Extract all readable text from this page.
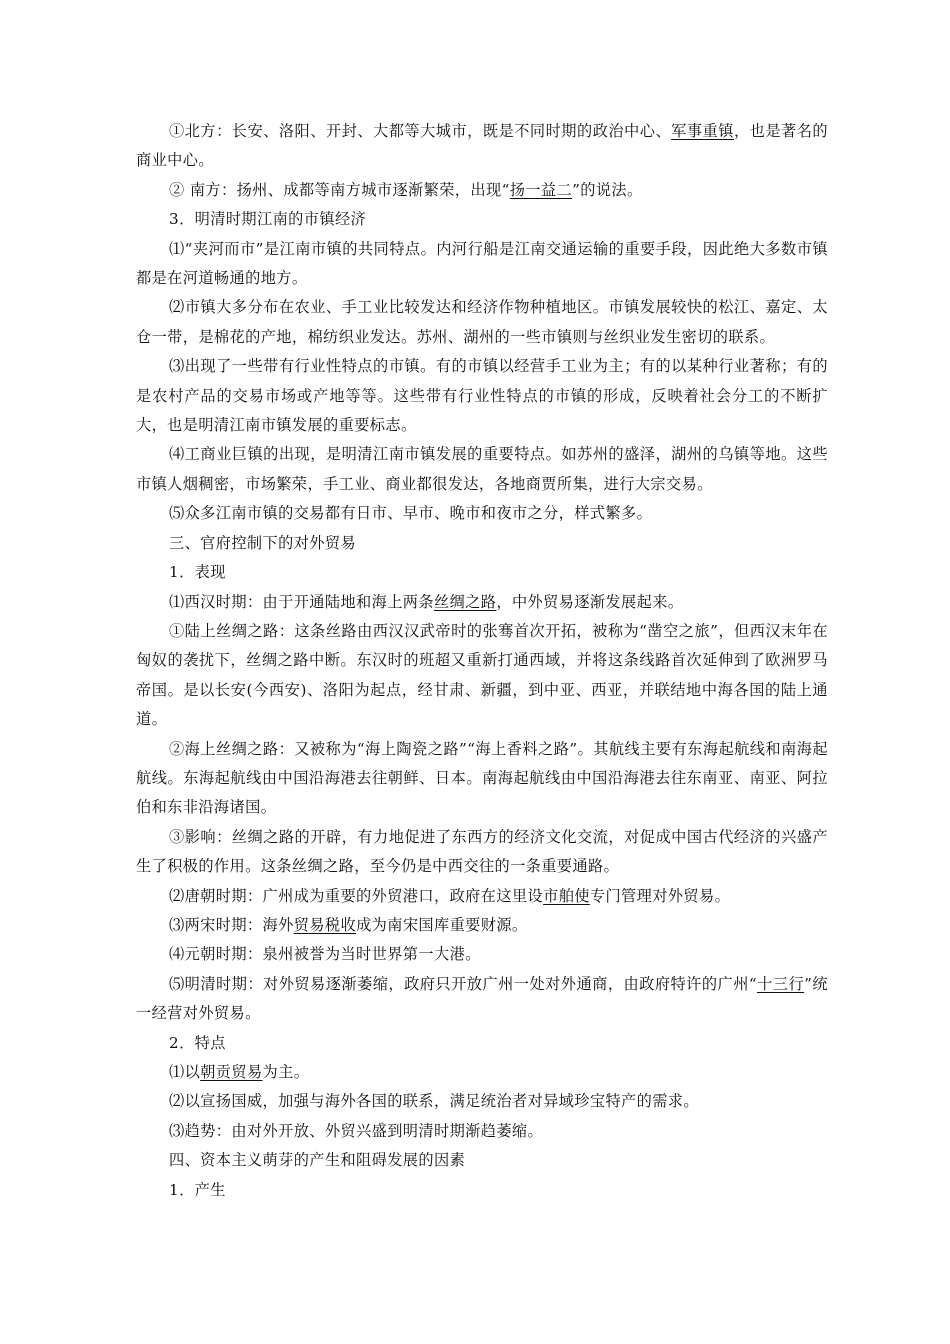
①北方：长安、洛阳、开封、大都等大城市，既是不同时期的政治中心、军事重镇，也是著名的商业中心。

② 南方：扬州、成都等南方城市逐渐繁荣，出现“扬一益二”的说法。

3．明清时期江南的市镇经济

⑴“夹河而市”是江南市镇的共同特点。内河行船是江南交通运输的重要手段，因此绝大多数市镇都是在河道畅通的地方。

⑵市镇大多分布在农业、手工业比较发达和经济作物种植地区。市镇发展较快的松江、嘉定、太仓一带，是棉花的产地，棉纺织业发达。苏州、湖州的一些市镇则与丝织业发生密切的联系。

⑶出现了一些带有行业性特点的市镇。有的市镇以经营手工业为主；有的以某种行业著称；有的是农村产品的交易市场或产地等等。这些带有行业性特点的市镇的形成，反映着社会分工的不断扩大，也是明清江南市镇发展的重要标志。

⑷工商业巨镇的出现，是明清江南市镇发展的重要特点。如苏州的盛泽，湖州的乌镇等地。这些市镇人烟稠密，市场繁荣，手工业、商业都很发达，各地商贾所集，进行大宗交易。

⑸众多江南市镇的交易都有日市、早市、晚市和夜市之分，样式繁多。

三、官府控制下的对外贸易

1．表现

⑴西汉时期：由于开通陆地和海上两条丝绸之路，中外贸易逐渐发展起来。

①陆上丝绸之路：这条丝路由西汉汉武帝时的张骞首次开拓，被称为“凿空之旅”，但西汉末年在匈奴的袭扰下，丝绸之路中断。东汉时的班超又重新打通西域，并将这条线路首次延伸到了欧洲罗马帝国。是以长安(今西安)、洛阳为起点，经甘肃、新疆，到中亚、西亚，并联结地中海各国的陆上通道。

②海上丝绸之路：又被称为“海上陶瓷之路”“海上香料之路”。其航线主要有东海起航线和南海起航线。东海起航线由中国沿海港去往朝鲜、日本。南海起航线由中国沿海港去往东南亚、南亚、阿拉伯和东非沿海诸国。

③影响：丝绸之路的开辟，有力地促进了东西方的经济文化交流，对促成中国古代经济的兴盛产生了积极的作用。这条丝绸之路，至今仍是中西交往的一条重要通路。

⑵唐朝时期：广州成为重要的外贸港口，政府在这里设市舶使专门管理对外贸易。

⑶两宋时期：海外贸易税收成为南宋国库重要财源。

⑷元朝时期：泉州被誉为当时世界第一大港。

⑸明清时期：对外贸易逐渐萎缩，政府只开放广州一处对外通商，由政府特许的广州“十三行”统一经营对外贸易。

2．特点

⑴以朝贡贸易为主。

⑵以宣扬国威，加强与海外各国的联系，满足统治者对异域珍宝特产的需求。

⑶趋势：由对外开放、外贸兴盛到明清时期渐趋萎缩。

四、资本主义萌芽的产生和阻碍发展的因素

1．产生
